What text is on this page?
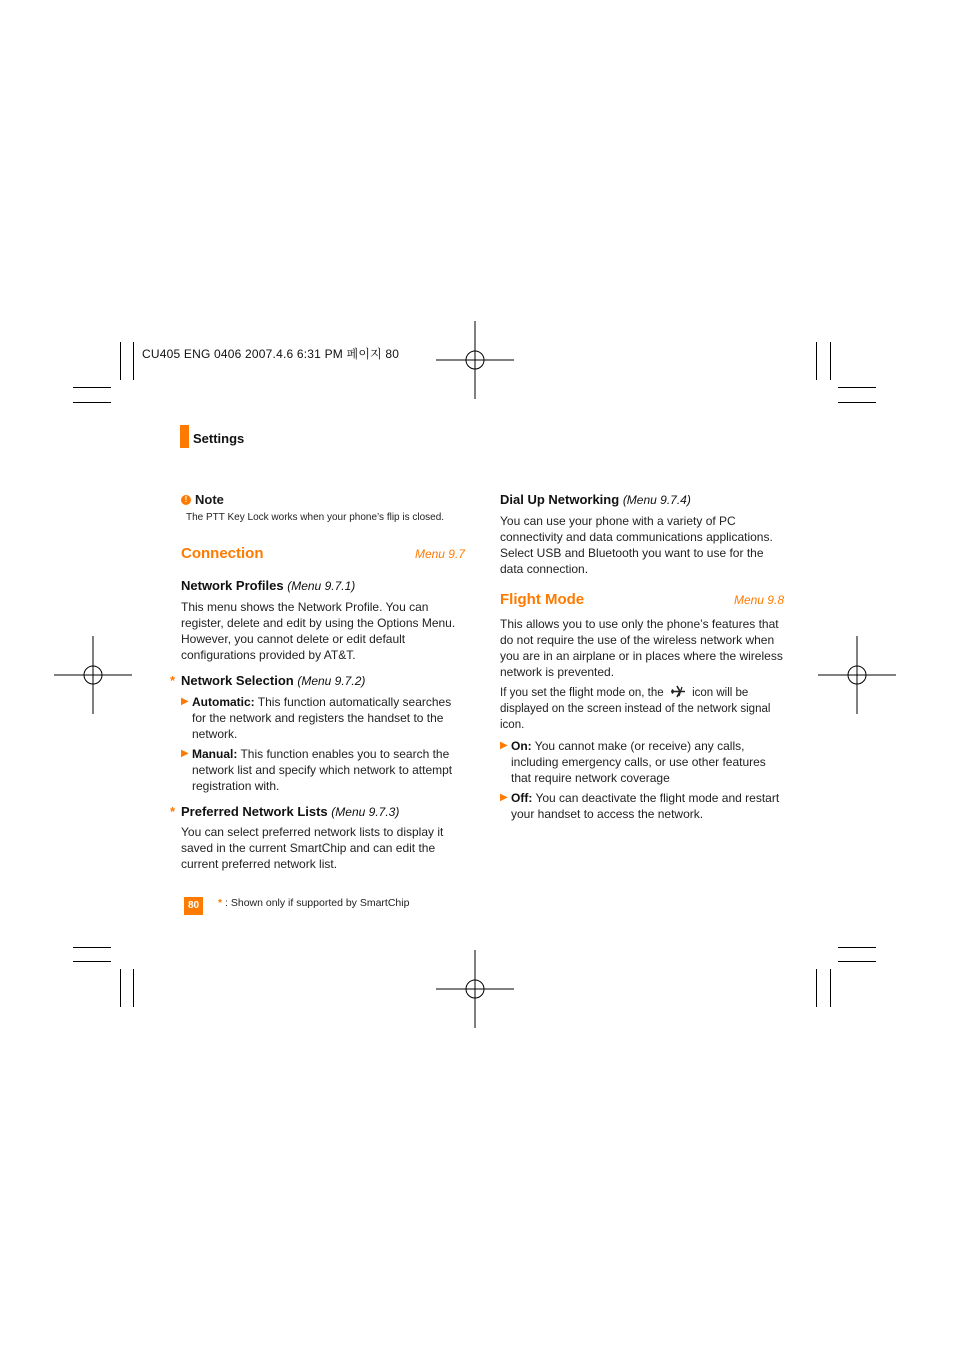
CU405 ENG 0406 2007.4.6 6:31 PM 페이지 80
Settings
! Note
The PTT Key Lock works when your phone’s flip is closed.
Connection	Menu 9.7
Network Profiles (Menu 9.7.1)

This menu shows the Network Profile. You can register, delete and edit by using the Options Menu. However, you cannot delete or edit default configurations provided by AT&T.

* Network Selection (Menu 9.7.2)
▶ Automatic: This function automatically searches for the network and registers the handset to the network.
▶ Manual: This function enables you to search the network list and specify which network to attempt registration with.
* Preferred Network Lists (Menu 9.7.3)

You can select preferred network lists to display it saved in the current SmartChip and can edit the current preferred network list.

Dial Up Networking (Menu 9.7.4)

You can use your phone with a variety of PC connectivity and data communications applications. Select USB and Bluetooth you want to use for the data connection.

Flight Mode	Menu 9.8

This allows you to use only the phone’s features that do not require the use of the wireless network when you are in an airplane or in places where the wireless network is prevented.

If you set the flight mode on, the icon will be displayed on the screen instead of the network signal icon.

▶ On: You cannot make (or receive) any calls, including emergency calls, or use other features that require network coverage
▶ Off: You can deactivate the flight mode and restart your handset to access the network.
80	* : Shown only if supported by SmartChip
